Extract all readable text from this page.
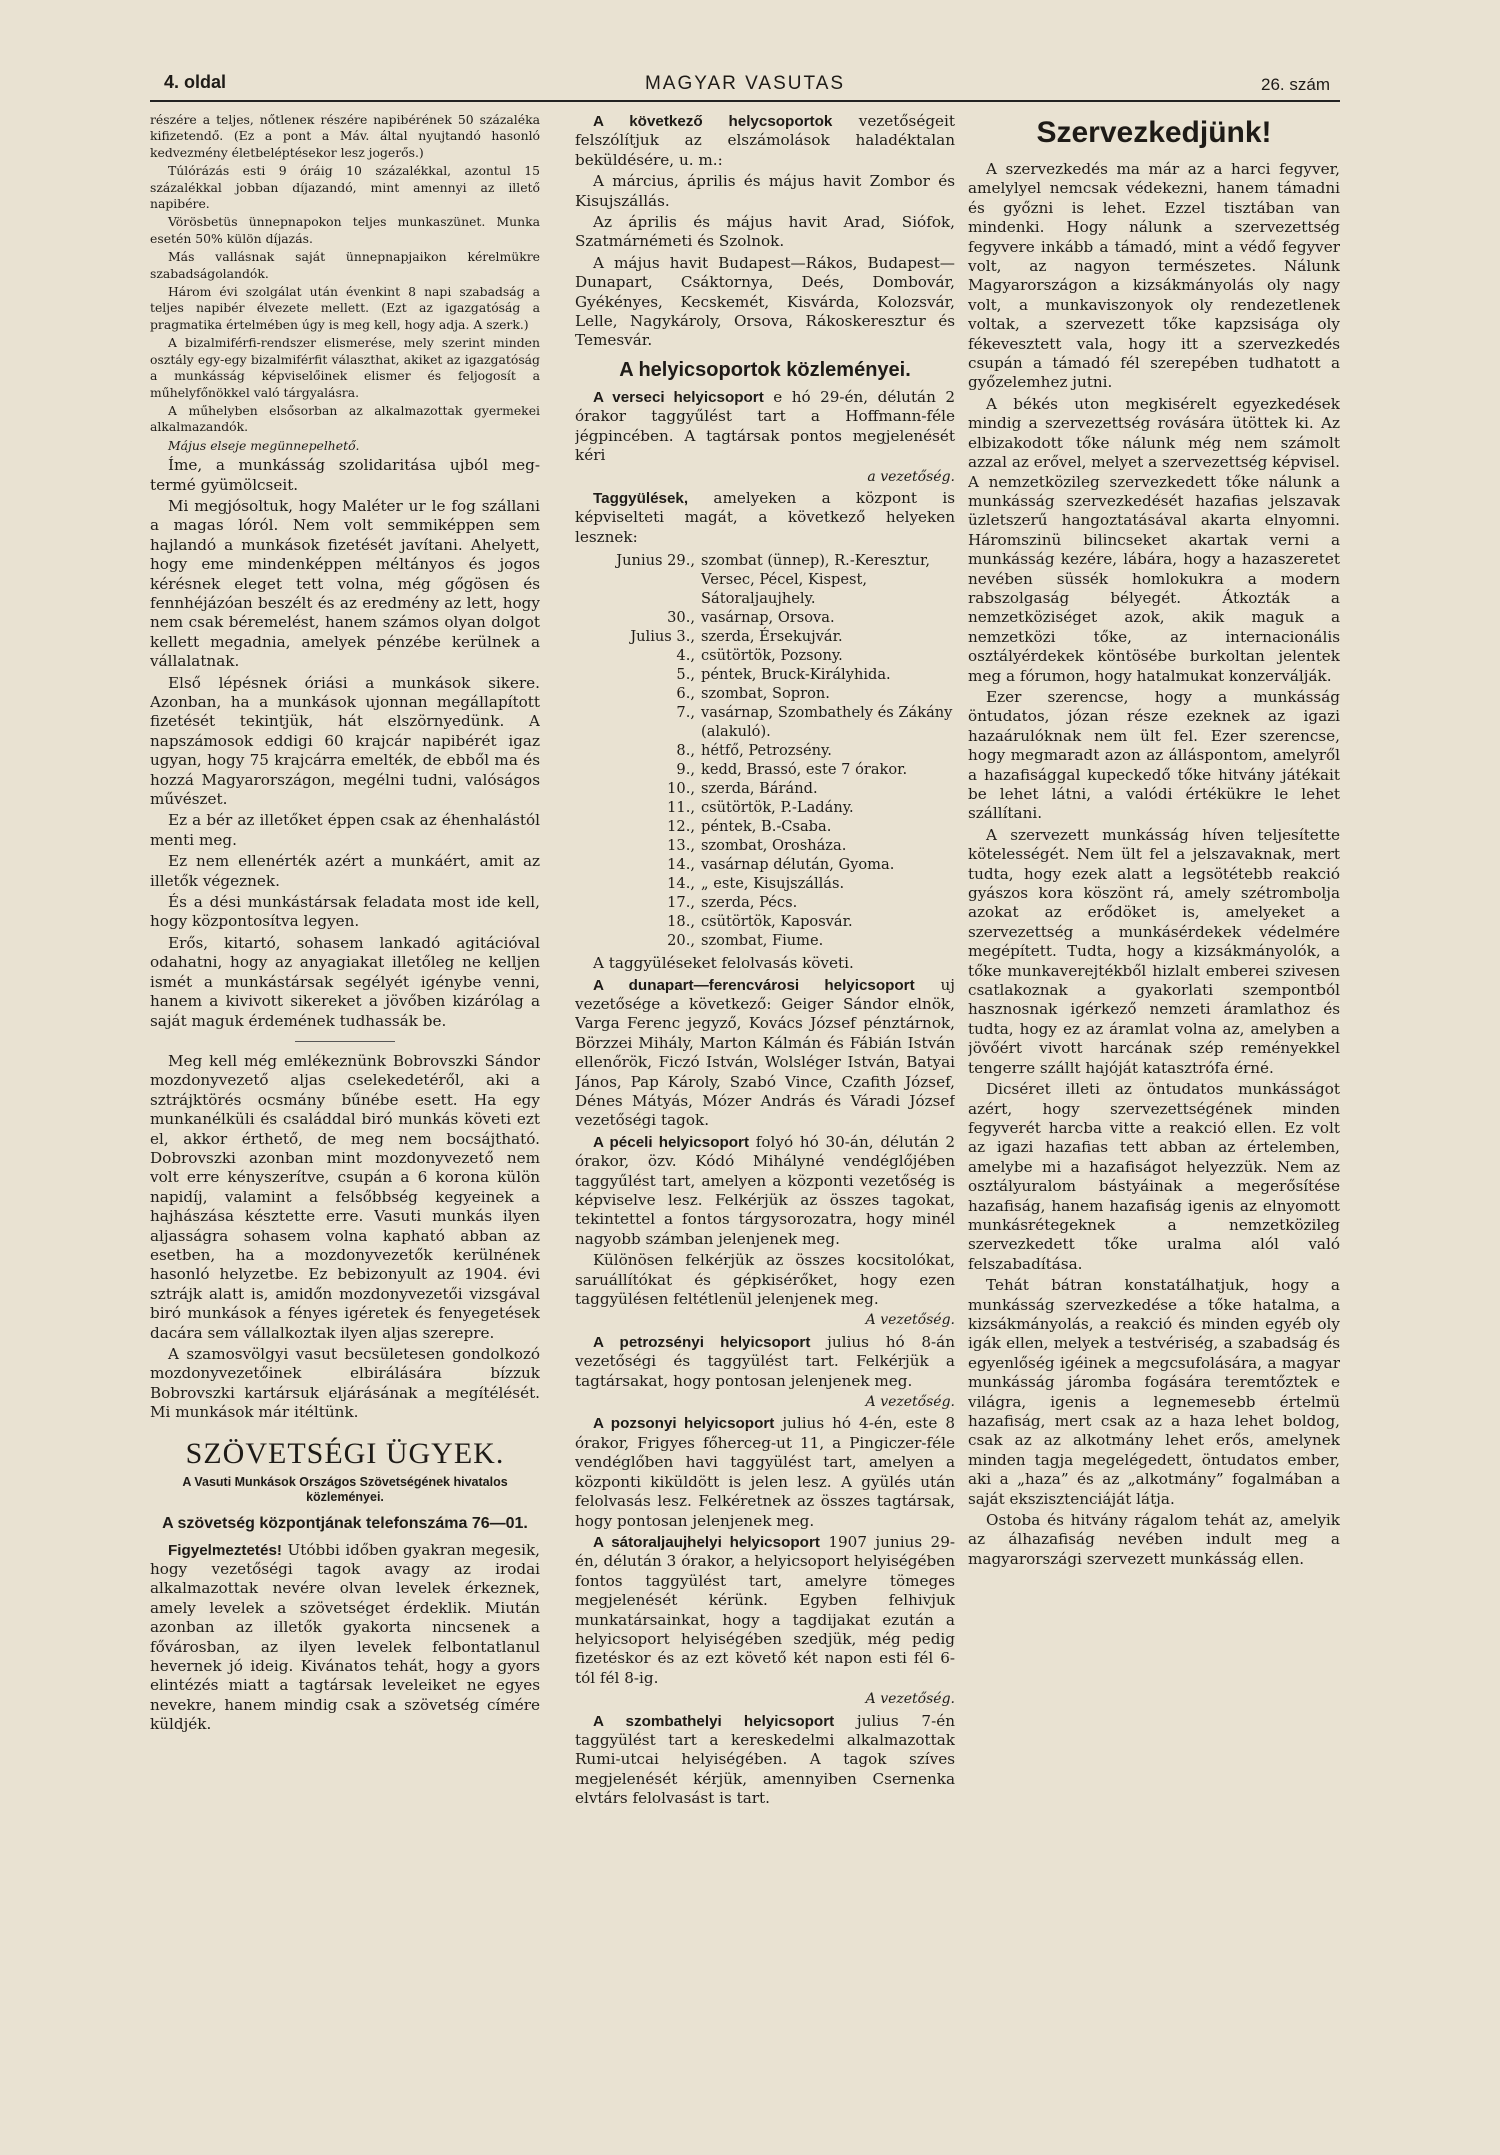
4. oldal	MAGYAR VASUTAS	26. szám

részére a teljes, nőtleneк részére napibérének 50 százaléka kifizetendő. (Ez a pont a Máv. által nyujtandó hasonló kedvezmény életbeléptésekor lesz jogerős.)

Túlórázás esti 9 óráig 10 százalékkal, azontul 15 százalékkal jobban díjazandó, mint amennyi az illető napibére.

Vörösbetüs ünnepnapokon teljes munkaszünet. Munka esetén 50% külön díjazás.

Más vallásnak saját ünnepnapjaikon kérelmükre szabadságolandók.

Három évi szolgálat után évenkint 8 napi szabadság a teljes napibér élvezete mellett. (Ezt az igazgatóság a pragmatika értelmében úgy is meg kell, hogy adja. A szerk.)

A bizalmiférfi-rendszer elismerése, mely szerint minden osztály egy-egy bizalmiférfit választhat, akiket az igazgatóság a munkásság képviselőinek elismer és feljogosít a műhelyfőnökkel való tárgyalásra.

A műhelyben elsősorban az alkalmazottak gyermekei alkalmazandók.

Május elseje megünnepelhető.

Íme, a munkásság szolidaritása ujból meg-termé gyümölcseit.

Mi megjósoltuk, hogy Maléter ur le fog szállani a magas lóról. Nem volt semmiképpen sem hajlandó a munkások fizetését javítani. Ahelyett, hogy eme mindenképpen méltányos és jogos kérésnek eleget tett volna, még gőgösen és fennhéjázóan beszélt és az eredmény az lett, hogy nem csak béremelést, hanem számos olyan dolgot kellett megadnia, amelyek pénzébe kerülnek a vállalatnak.

Első lépésnek óriási a munkások sikere. Azonban, ha a munkások ujonnan megállapított fizetését tekintjük, hát elszörnyedünk. A napszámosok eddigi 60 krajcár napibérét igaz ugyan, hogy 75 krajcárra emelték, de ebből ma és hozzá Magyarországon, megélni tudni, valóságos művészet.

Ez a bér az illetőket éppen csak az éhenhalástól menti meg.

Ez nem ellenérték azért a munkáért, amit az illetők végeznek.

És a dési munkástársak feladata most ide kell, hogy központosítva legyen.

Erős, kitartó, sohasem lankadó agitációval odahatni, hogy az anyagiakat illetőleg ne kelljen ismét a munkástársak segélyét igénybe venni, hanem a kivivott sikereket a jövőben kizárólag a saját maguk érdemének tudhassák be.

Meg kell még emlékeznünk Bobrovszki Sándor mozdonyvezető aljas cselekedetéről, aki a sztrájktörés ocsmány bűnébe esett. Ha egy munkanélküli és családdal biró munkás követi ezt el, akkor érthető, de meg nem bocsájtható. Dobrovszki azonban mint mozdonyvezető nem volt erre kényszerítve, csupán a 6 korona külön napidíj, valamint a felsőbbség kegyeinek a hajhászása késztette erre. Vasuti munkás ilyen aljasságra sohasem volna kapható abban az esetben, ha a mozdonyvezetők kerülnének hasonló helyzetbe. Ez bebizonyult az 1904. évi sztrájk alatt is, amidőn mozdonyvezetői vizsgával biró munkások a fényes igéretek és fenyegetések dacára sem vállalkoztak ilyen aljas szerepre.

A szamosvölgyi vasut becsületesen gondolkozó mozdonyvezetőinek elbirálására bízzuk Bobrovszki kartársuk eljárásának a megítélését. Mi munkások már itéltünk.

SZÖVETSÉGI ÜGYEK.
A Vasuti Munkások Országos Szövetségének hivatalos közleményei.
A szövetség központjának telefonszáma 76—01.

Figyelmeztetés! Utóbbi időben gyakran megesik, hogy vezetőségi tagok avagy az irodai alkalmazottak nevére olvan levelek érkeznek, amely levelek a szövetséget érdeklik. Miután azonban az illetők gyakorta nincsenek a fővárosban, az ilyen levelek felbontatlanul hevernek jó ideig. Kivánatos tehát, hogy a gyors elintézés miatt a tagtársak leveleiket ne egyes nevekre, hanem mindig csak a szövetség címére küldjék.

A következő helycsoportok vezetőségeit felszólítjuk az elszámolások haladéktalan beküldésére, u. m.:

A március, április és május havit Zombor és Kisujszállás.

Az április és május havit Arad, Siófok, Szatmárnémeti és Szolnok.

A május havit Budapest—Rákos, Budapest—Dunapart, Csáktornya, Deés, Dombovár, Gyékényes, Kecskemét, Kisvárda, Kolozsvár, Lelle, Nagykároly, Orsova, Rákoskeresztur és Temesvár.

A helyicsoportok közleményei.

A verseci helyicsoport e hó 29-én, délután 2 órakor taggyűlést tart a Hoffmann-féle jégpincében. A tagtársak pontos megjelenését kéri

a vezetőség.

Taggyülések, amelyeken a központ is képviselteti magát, a következő helyeken lesznek:

Junius 29., szombat (ünnep), R.-Keresztur, Versec, Pécel, Kispest, Sátoraljaujhely.
30., vasárnap, Orsova.
Julius 3., szerda, Érsekujvár.
4., csütörtök, Pozsony.
5., péntek, Bruck-Királyhida.
6., szombat, Sopron.
7., vasárnap, Szombathely és Zákány (alakuló).
8., hétfő, Petrozsény.
9., kedd, Brassó, este 7 órakor.
10., szerda, Báránd.
11., csütörtök, P.-Ladány.
12., péntek, B.-Csaba.
13., szombat, Orosháza.
14., vasárnap délután, Gyoma.
14., „ este, Kisujszállás.
17., szerda, Pécs.
18., csütörtök, Kaposvár.
20., szombat, Fiume.

A taggyüléseket felolvasás követi.

A dunapart—ferencvárosi helyicsoport uj vezetősége a következő: Geiger Sándor elnök, Varga Ferenc jegyző, Kovács József pénztárnok, Börzzei Mihály, Marton Kálmán és Fábián István ellenőrök, Ficzó István, Wolsléger István, Batyai János, Pap Károly, Szabó Vince, Czafith József, Dénes Mátyás, Mózer András és Váradi József vezetőségi tagok.

A péceli helyicsoport folyó hó 30-án, délután 2 órakor, özv. Kódó Mihályné vendéglőjében taggyűlést tart, amelyen a központi vezetőség is képviselve lesz. Felkérjük az összes tagokat, tekintettel a fontos tárgysorozatra, hogy minél nagyobb számban jelenjenek meg.

Különösen felkérjük az összes kocsitolókat, saruállítókat és gépkisérőket, hogy ezen taggyülésen feltétlenül jelenjenek meg.

A vezetőség.

A petrozsényi helyicsoport julius hó 8-án vezetőségi és taggyülést tart. Felkérjük a tagtársakat, hogy pontosan jelenjenek meg.

A vezetőség.

A pozsonyi helyicsoport julius hó 4-én, este 8 órakor, Frigyes főherceg-ut 11, a Pingiczer-féle vendéglőben havi taggyülést tart, amelyen a központi kiküldött is jelen lesz. A gyülés után felolvasás lesz. Felkéretnek az összes tagtársak, hogy pontosan jelenjenek meg.

A sátoraljaujhelyi helyicsoport 1907 junius 29-én, délután 3 órakor, a helyicsoport helyiségében fontos taggyülést tart, amelyre tömeges megjelenését kérünk. Egyben felhivjuk munkatársainkat, hogy a tagdijakat ezután a helyicsoport helyiségében szedjük, még pedig fizetéskor és az ezt követő két napon esti fél 6-tól fél 8-ig.

A vezetőség.

A szombathelyi helyicsoport julius 7-én taggyülést tart a kereskedelmi alkalmazottak Rumi-utcai helyiségében. A tagok szíves megjelenését kérjük, amennyiben Csernenka elvtárs felolvasást is tart.

Szervezkedjünk!

A szervezkedés ma már az a harci fegyver, amelylyel nemcsak védekezni, hanem támadni és győzni is lehet. Ezzel tisztában van mindenki. Hogy nálunk a szervezettség fegyvere inkább a támadó, mint a védő fegyver volt, az nagyon természetes. Nálunk Magyarországon a kizsákmányolás oly nagy volt, a munkaviszonyok oly rendezetlenek voltak, a szervezett tőke kapzsisága oly fékevesztett vala, hogy itt a szervezkedés csupán a támadó fél szerepében tudhatott a győzelemhez jutni.

A békés uton megkisérelt egyezkedések mindig a szervezettség rovására ütöttek ki. Az elbizakodott tőke nálunk még nem számolt azzal az erővel, melyet a szervezettség képvisel. A nemzetközileg szervezkedett tőke nálunk a munkásság szervezkedését hazafias jelszavak üzletszerű hangoztatásával akarta elnyomni. Háromszinü bilincseket akartak verni a munkásság kezére, lábára, hogy a hazaszeretet nevében süssék homlokukra a modern rabszolgaság bélyegét. Átkozták a nemzetköziséget azok, akik maguk a nemzetközi tőke, az internacionális osztályérdekek köntösébe burkoltan jelentek meg a fórumon, hogy hatalmukat konzerválják.

Ezer szerencse, hogy a munkásság öntudatos, józan része ezeknek az igazi hazaárulóknak nem ült fel. Ezer szerencse, hogy megmaradt azon az álláspontom, amelyről a hazafisággal kupeckedő tőke hitvány játékait be lehet látni, a valódi értékükre le lehet szállítani.

A szervezett munkásság híven teljesítette kötelességét. Nem ült fel a jelszavaknak, mert tudta, hogy ezek alatt a legsötétebb reakció gyászos kora köszönt rá, amely szétrombolja azokat az erődöket is, amelyeket a szervezettség a munkásérdekek védelmére megépített. Tudta, hogy a kizsákmányolók, a tőke munkaverejtékből hizlalt emberei szivesen csatlakoznak a gyakorlati szempontból hasznosnak igérkező nemzeti áramlathoz és tudta, hogy ez az áramlat volna az, amelyben a jövőért vivott harcának szép reményekkel tengerre szállt hajóját katasztrófa érné.

Dicséret illeti az öntudatos munkásságot azért, hogy szervezettségének minden fegyverét harcba vitte a reakció ellen. Ez volt az igazi hazafias tett abban az értelemben, amelybe mi a hazafiságot helyezzük. Nem az osztályuralom bástyáinak a megerősítése hazafiság, hanem hazafiság igenis az elnyomott munkásrétegeknek a nemzetközileg szervezkedett tőke uralma alól való felszabadítása.

Tehát bátran konstatálhatjuk, hogy a munkásság szervezkedése a tőke hatalma, a kizsákmányolás, a reakció és minden egyéb oly igák ellen, melyek a testvériség, a szabadság és egyenlőség igéinek a megcsufolására, a magyar munkásság járomba fogására teremtőztek e világra, igenis a legnemesebb értelmü hazafiság, mert csak az a haza lehet boldog, csak az az alkotmány lehet erős, amelynek minden tagja megelégedett, öntudatos ember, aki a „haza” és az „alkotmány” fogalmában a saját ekszisztenciáját látja.

Ostoba és hitvány rágalom tehát az, amelyik az álhazafiság nevében indult meg a magyarországi szervezett munkásság ellen.
